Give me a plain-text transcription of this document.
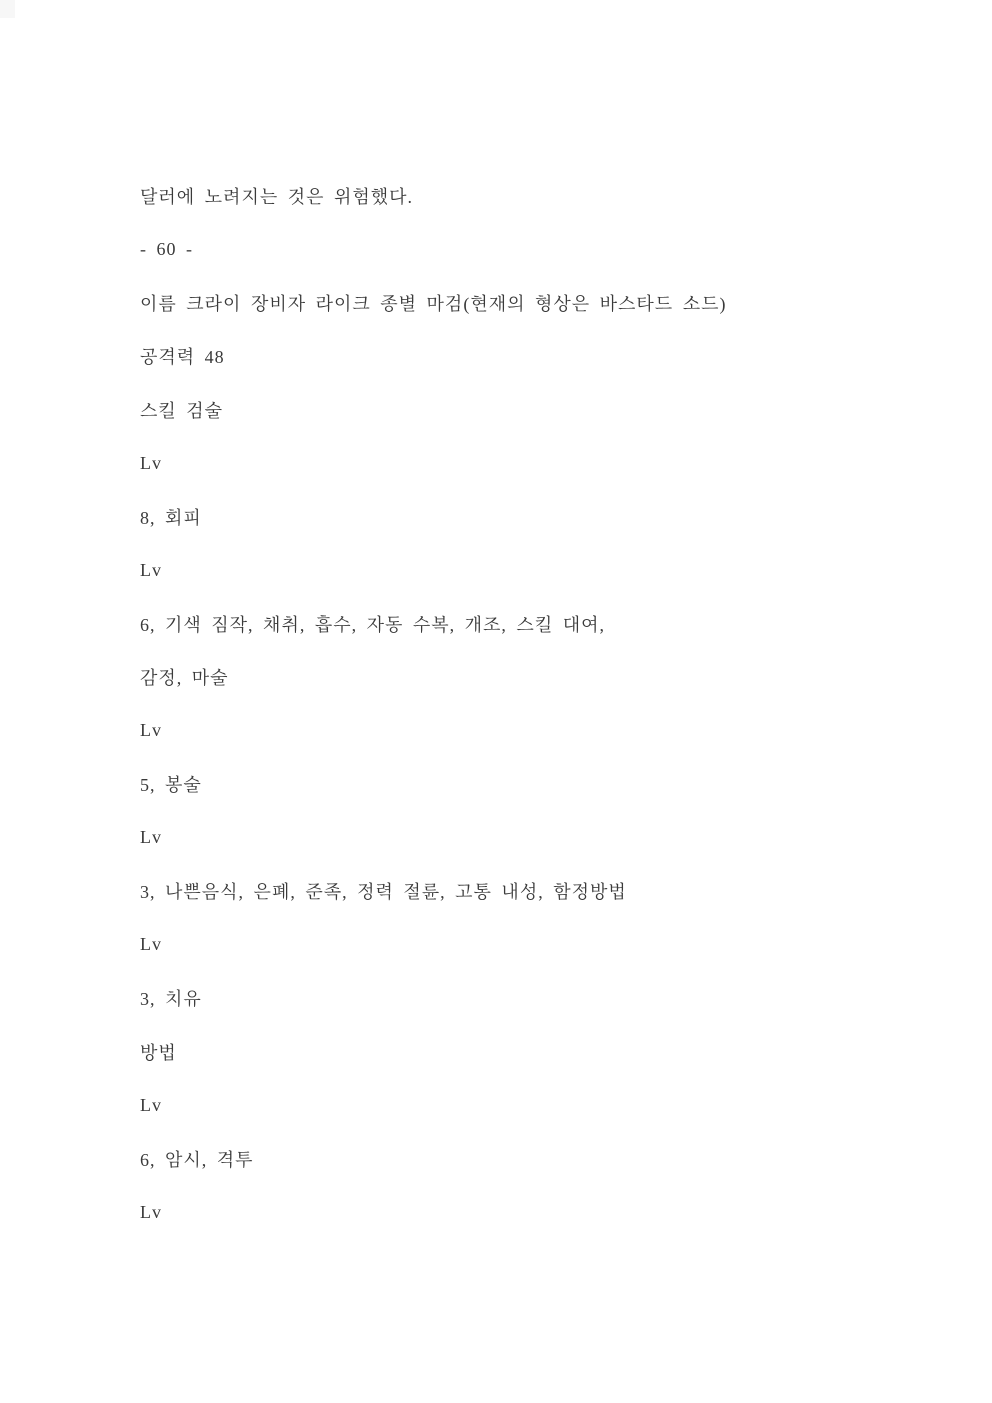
달러에 노려지는 것은 위험했다.

- 60 -

이름 크라이 장비자 라이크 종별 마검(현재의 형상은 바스타드 소드)

공격력 48

스킬 검술

Lv

8, 회피

Lv

6, 기색 짐작, 채취, 흡수, 자동 수복, 개조, 스킬 대여,

감정, 마술

Lv

5, 봉술

Lv

3, 나쁜음식, 은폐, 준족, 정력 절륜, 고통 내성, 함정방법

Lv

3, 치유

방법

Lv

6, 암시, 격투

Lv
